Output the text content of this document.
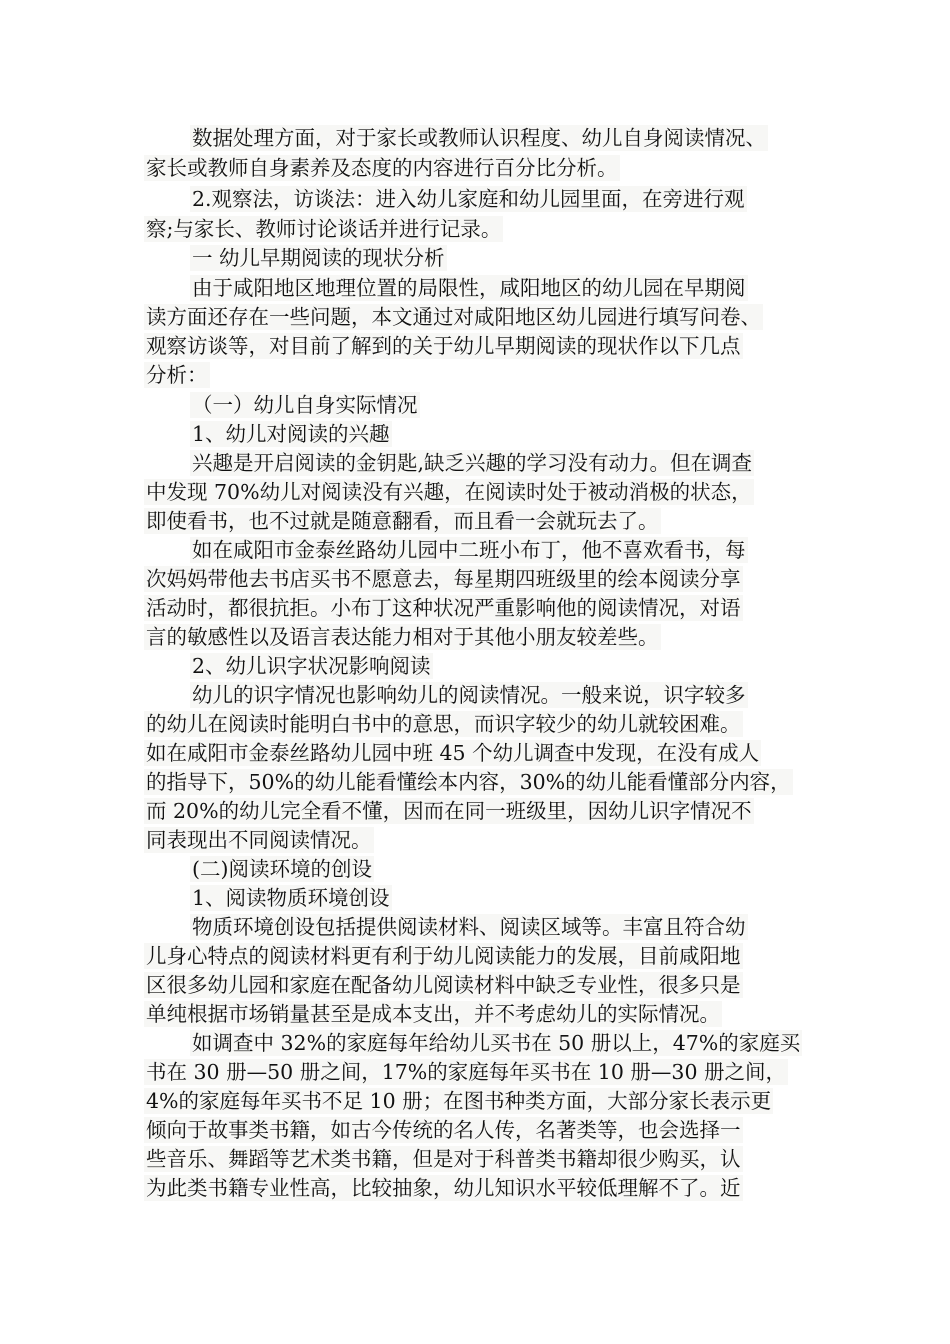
数据处理方面，对于家长或教师认识程度、幼儿自身阅读情况、
家长或教师自身素养及态度的内容进行百分比分析。
2.观察法，访谈法：进入幼儿家庭和幼儿园里面，在旁进行观
察;与家长、教师讨论谈话并进行记录。
一 幼儿早期阅读的现状分析
由于咸阳地区地理位置的局限性，咸阳地区的幼儿园在早期阅
读方面还存在一些问题，本文通过对咸阳地区幼儿园进行填写问卷、
观察访谈等，对目前了解到的关于幼儿早期阅读的现状作以下几点
分析：
（一）幼儿自身实际情况
1、幼儿对阅读的兴趣
兴趣是开启阅读的金钥匙,缺乏兴趣的学习没有动力。但在调查
中发现 70%幼儿对阅读没有兴趣，在阅读时处于被动消极的状态，
即使看书，也不过就是随意翻看，而且看一会就玩去了。
如在咸阳市金泰丝路幼儿园中二班小布丁，他不喜欢看书，每
次妈妈带他去书店买书不愿意去，每星期四班级里的绘本阅读分享
活动时，都很抗拒。小布丁这种状况严重影响他的阅读情况，对语
言的敏感性以及语言表达能力相对于其他小朋友较差些。
2、幼儿识字状况影响阅读
幼儿的识字情况也影响幼儿的阅读情况。一般来说，识字较多
的幼儿在阅读时能明白书中的意思，而识字较少的幼儿就较困难。
如在咸阳市金泰丝路幼儿园中班 45 个幼儿调查中发现，在没有成人
的指导下，50%的幼儿能看懂绘本内容，30%的幼儿能看懂部分内容，
而 20%的幼儿完全看不懂，因而在同一班级里，因幼儿识字情况不
同表现出不同阅读情况。
(二)阅读环境的创设
1、阅读物质环境创设
物质环境创设包括提供阅读材料、阅读区域等。丰富且符合幼
儿身心特点的阅读材料更有利于幼儿阅读能力的发展，目前咸阳地
区很多幼儿园和家庭在配备幼儿阅读材料中缺乏专业性，很多只是
单纯根据市场销量甚至是成本支出，并不考虑幼儿的实际情况。
如调查中 32%的家庭每年给幼儿买书在 50 册以上，47%的家庭买
书在 30 册—50 册之间，17%的家庭每年买书在 10 册—30 册之间，
4%的家庭每年买书不足 10 册；在图书种类方面，大部分家长表示更
倾向于故事类书籍，如古今传统的名人传，名著类等，也会选择一
些音乐、舞蹈等艺术类书籍，但是对于科普类书籍却很少购买，认
为此类书籍专业性高，比较抽象，幼儿知识水平较低理解不了。近
